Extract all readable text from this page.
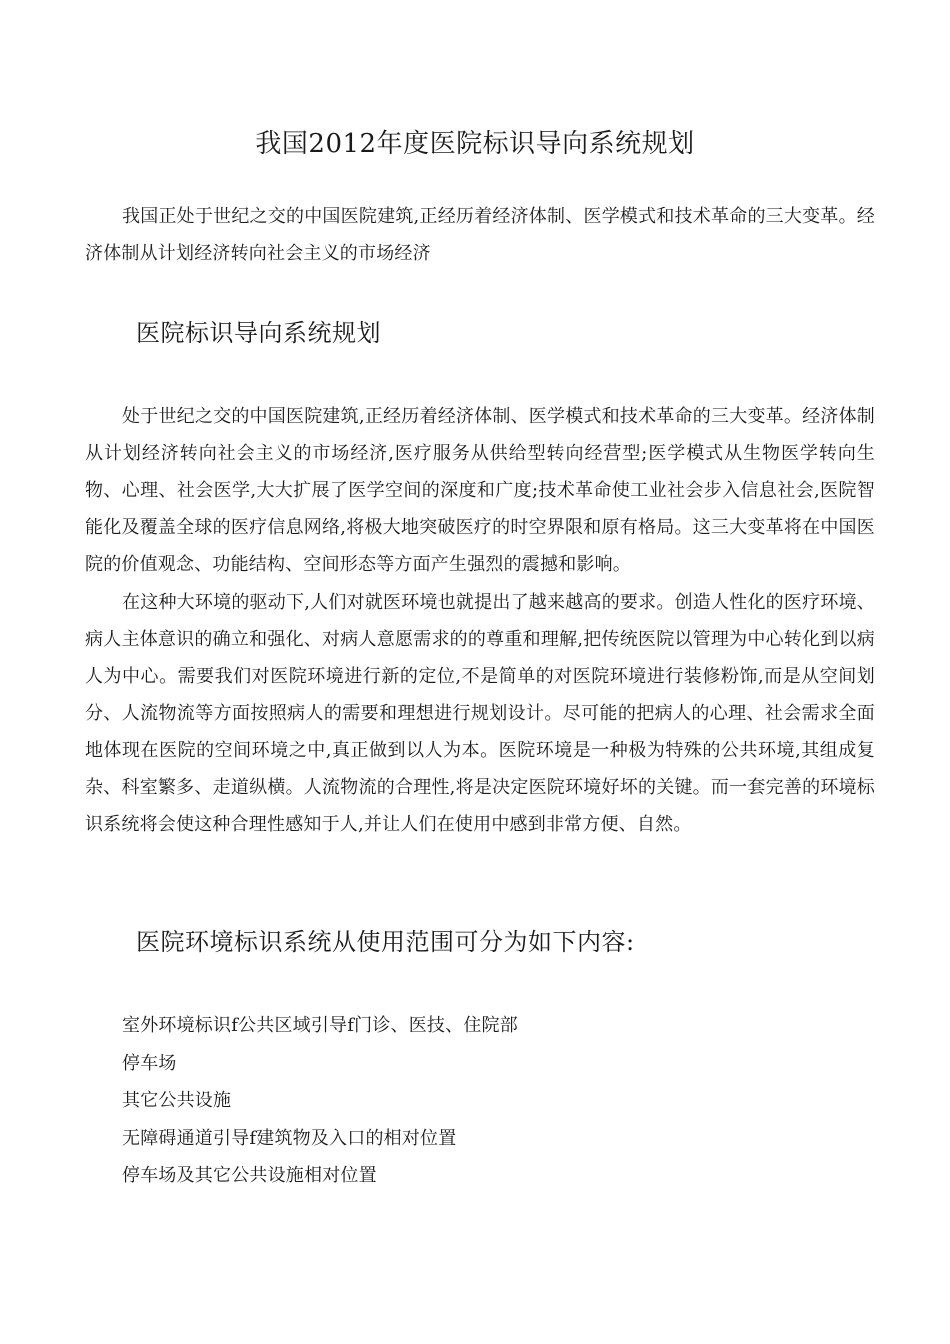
我国2012年度医院标识导向系统规划

我国正处于世纪之交的中国医院建筑,正经历着经济体制、医学模式和技术革命的三大变革。经济体制从计划经济转向社会主义的市场经济

医院标识导向系统规划

处于世纪之交的中国医院建筑,正经历着经济体制、医学模式和技术革命的三大变革。经济体制从计划经济转向社会主义的市场经济,医疗服务从供给型转向经营型;医学模式从生物医学转向生物、心理、社会医学,大大扩展了医学空间的深度和广度;技术革命使工业社会步入信息社会,医院智能化及覆盖全球的医疗信息网络,将极大地突破医疗的时空界限和原有格局。这三大变革将在中国医院的价值观念、功能结构、空间形态等方面产生强烈的震撼和影响。

在这种大环境的驱动下,人们对就医环境也就提出了越来越高的要求。创造人性化的医疗环境、病人主体意识的确立和强化、对病人意愿需求的的尊重和理解,把传统医院以管理为中心转化到以病人为中心。需要我们对医院环境进行新的定位,不是简单的对医院环境进行装修粉饰,而是从空间划分、人流物流等方面按照病人的需要和理想进行规划设计。尽可能的把病人的心理、社会需求全面地体现在医院的空间环境之中,真正做到以人为本。医院环境是一种极为特殊的公共环境,其组成复杂、科室繁多、走道纵横。人流物流的合理性,将是决定医院环境好坏的关键。而一套完善的环境标识系统将会使这种合理性感知于人,并让人们在使用中感到非常方便、自然。

医院环境标识系统从使用范围可分为如下内容:
室外环境标识f公共区域引导f门诊、医技、住院部
停车场
其它公共设施
无障碍通道引导f建筑物及入口的相对位置
停车场及其它公共设施相对位置
